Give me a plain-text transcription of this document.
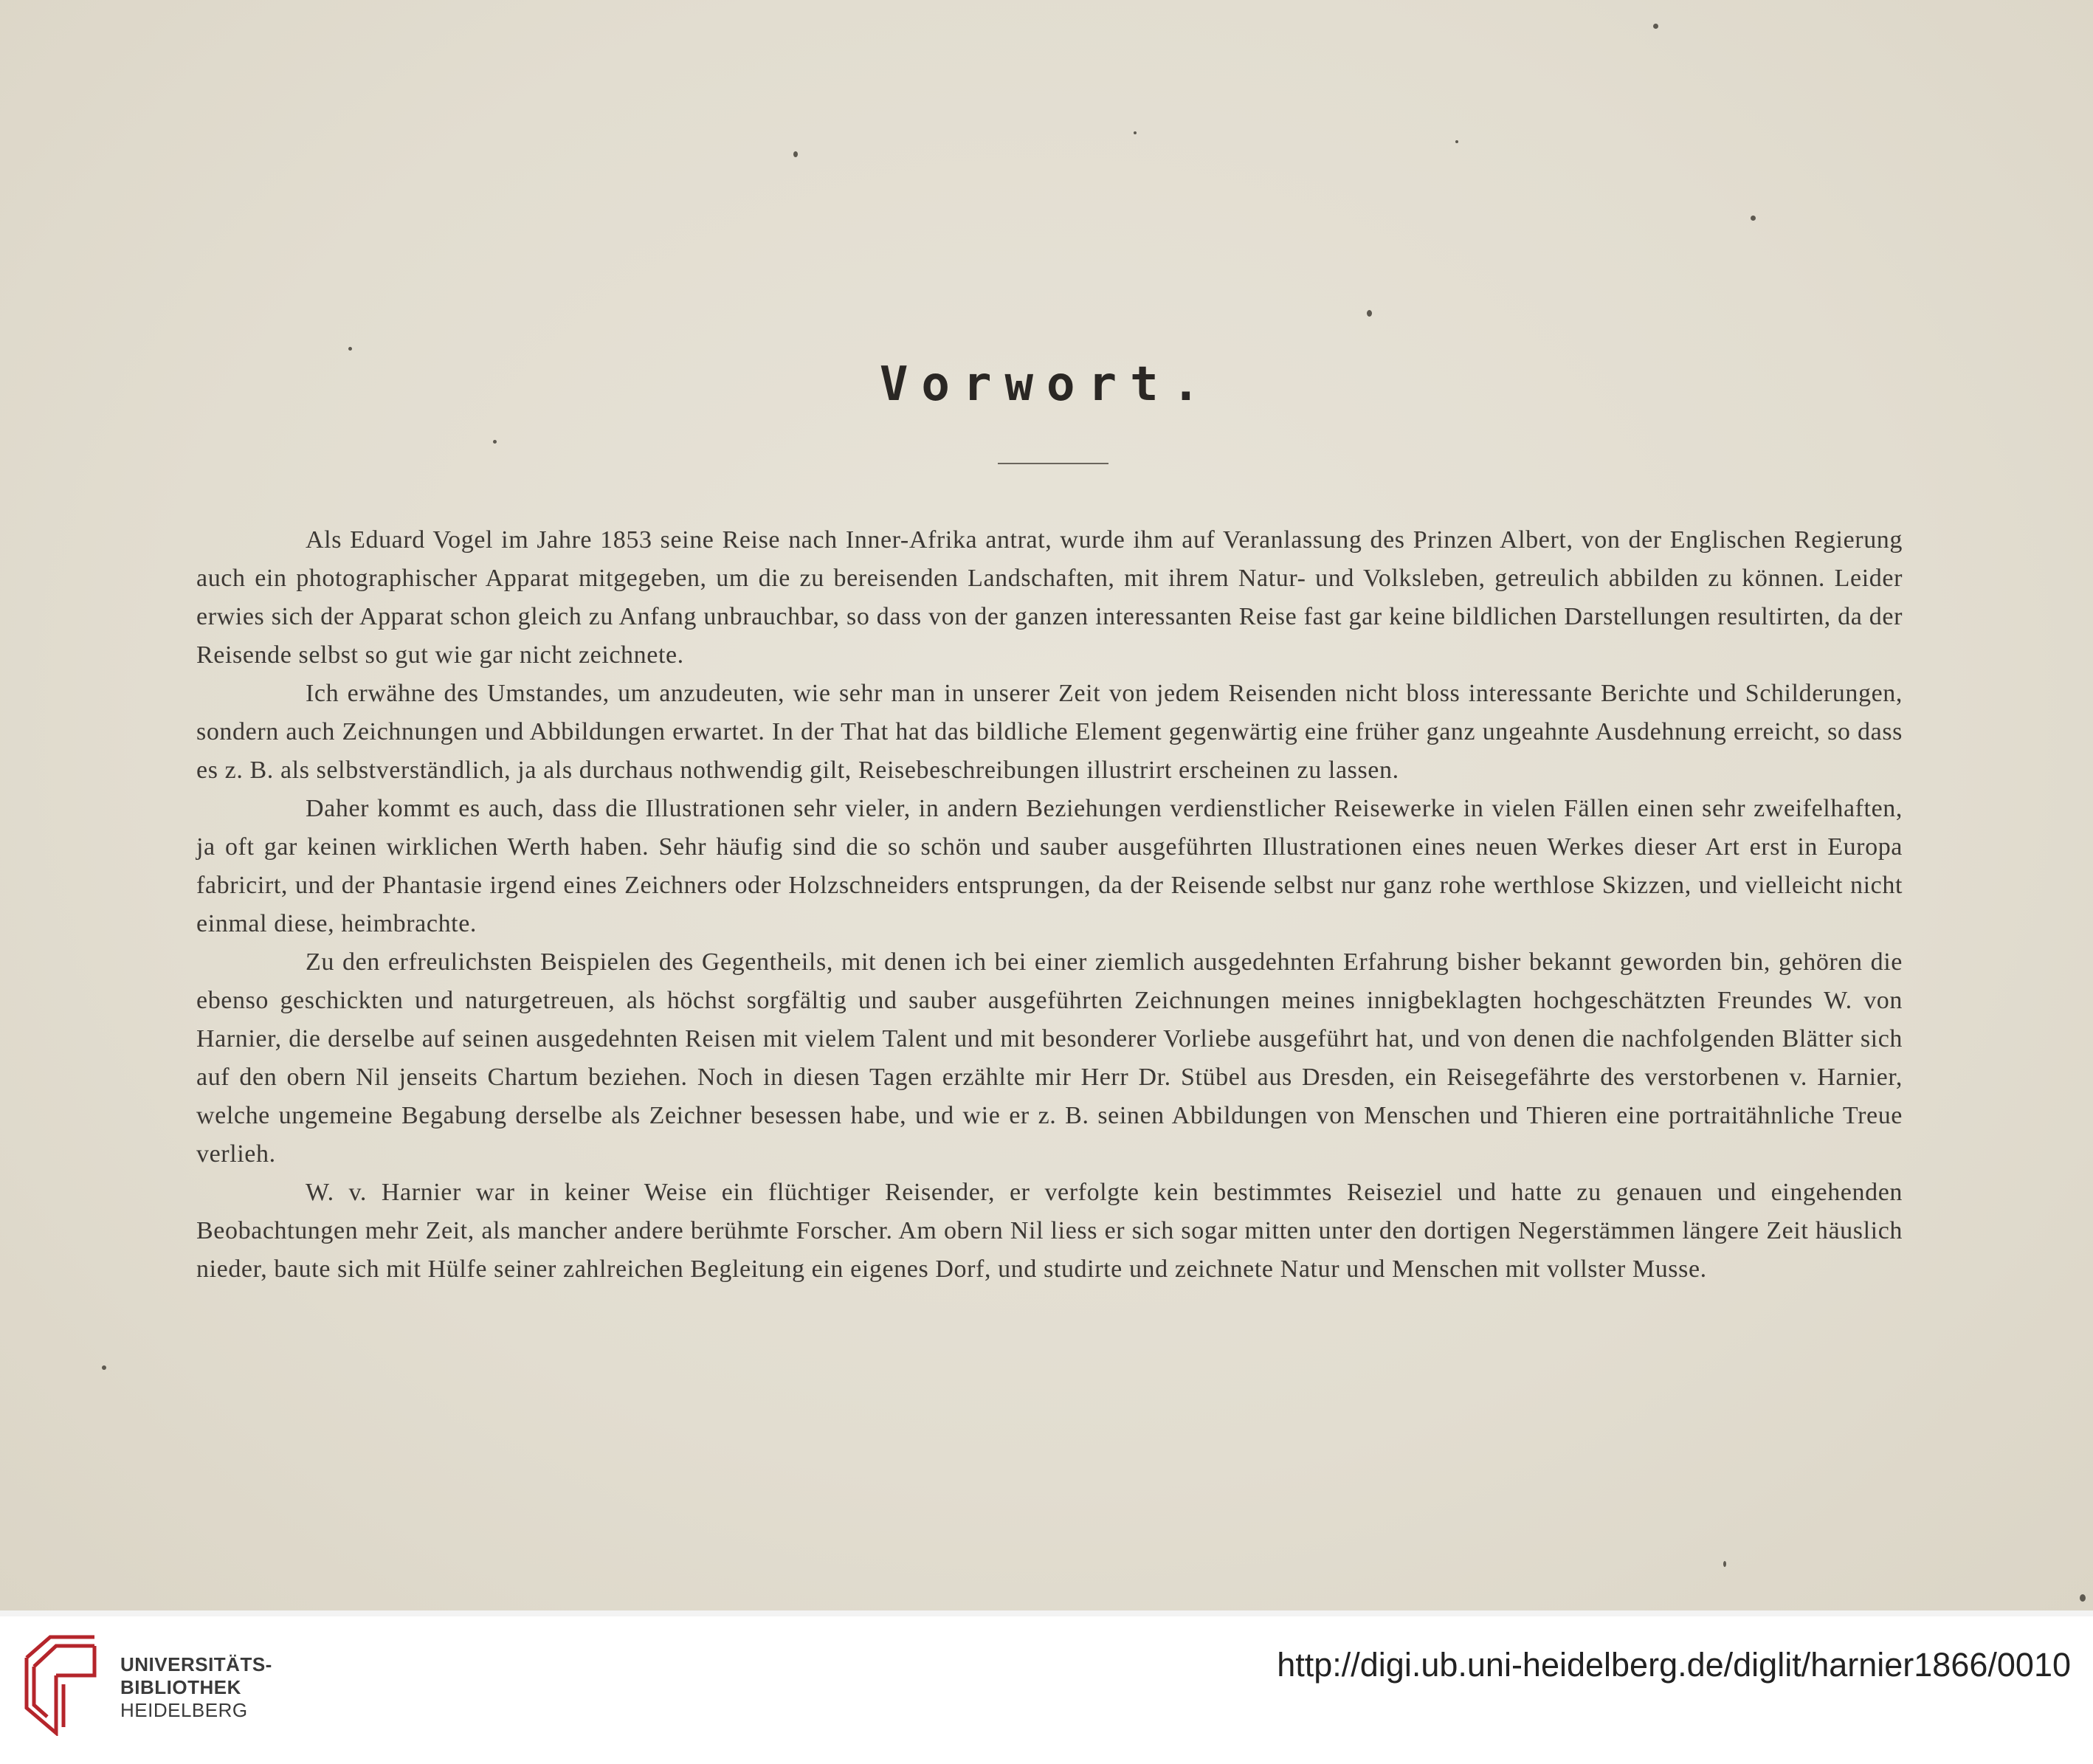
Vorwort.

Als Eduard Vogel im Jahre 1853 seine Reise nach Inner-Afrika antrat, wurde ihm auf Veranlassung des Prinzen Albert, von der Englischen Regierung auch ein photographischer Apparat mitgegeben, um die zu bereisenden Landschaften, mit ihrem Natur- und Volksleben, getreulich abbilden zu können. Leider erwies sich der Apparat schon gleich zu Anfang unbrauchbar, so dass von der ganzen interessanten Reise fast gar keine bildlichen Darstellungen resultirten, da der Reisende selbst so gut wie gar nicht zeichnete.

Ich erwähne des Umstandes, um anzudeuten, wie sehr man in unserer Zeit von jedem Reisenden nicht bloss interessante Berichte und Schilderungen, sondern auch Zeichnungen und Abbildungen erwartet. In der That hat das bildliche Element gegenwärtig eine früher ganz ungeahnte Ausdehnung erreicht, so dass es z. B. als selbstverständlich, ja als durchaus nothwendig gilt, Reisebeschreibungen illustrirt erscheinen zu lassen.

Daher kommt es auch, dass die Illustrationen sehr vieler, in andern Beziehungen verdienstlicher Reisewerke in vielen Fällen einen sehr zweifelhaften, ja oft gar keinen wirklichen Werth haben. Sehr häufig sind die so schön und sauber ausgeführten Illustrationen eines neuen Werkes dieser Art erst in Europa fabricirt, und der Phantasie irgend eines Zeichners oder Holzschneiders entsprungen, da der Reisende selbst nur ganz rohe werthlose Skizzen, und vielleicht nicht einmal diese, heimbrachte.

Zu den erfreulichsten Beispielen des Gegentheils, mit denen ich bei einer ziemlich ausgedehnten Erfahrung bisher bekannt geworden bin, gehören die ebenso geschickten und naturgetreuen, als höchst sorgfältig und sauber ausgeführten Zeichnungen meines innigbeklagten hochgeschätzten Freundes W. von Harnier, die derselbe auf seinen ausgedehnten Reisen mit vielem Talent und mit besonderer Vorliebe ausgeführt hat, und von denen die nachfolgenden Blätter sich auf den obern Nil jenseits Chartum beziehen. Noch in diesen Tagen erzählte mir Herr Dr. Stübel aus Dresden, ein Reisegefährte des verstorbenen v. Harnier, welche ungemeine Begabung derselbe als Zeichner besessen habe, und wie er z. B. seinen Abbildungen von Menschen und Thieren eine portraitähnliche Treue verlieh.

W. v. Harnier war in keiner Weise ein flüchtiger Reisender, er verfolgte kein bestimmtes Reiseziel und hatte zu genauen und eingehenden Beobachtungen mehr Zeit, als mancher andere berühmte Forscher. Am obern Nil liess er sich sogar mitten unter den dortigen Negerstämmen längere Zeit häuslich nieder, baute sich mit Hülfe seiner zahlreichen Begleitung ein eigenes Dorf, und studirte und zeichnete Natur und Menschen mit vollster Musse.

UNIVERSITÄTS-
BIBLIOTHEK
HEIDELBERG
http://digi.ub.uni-heidelberg.de/diglit/harnier1866/0010
